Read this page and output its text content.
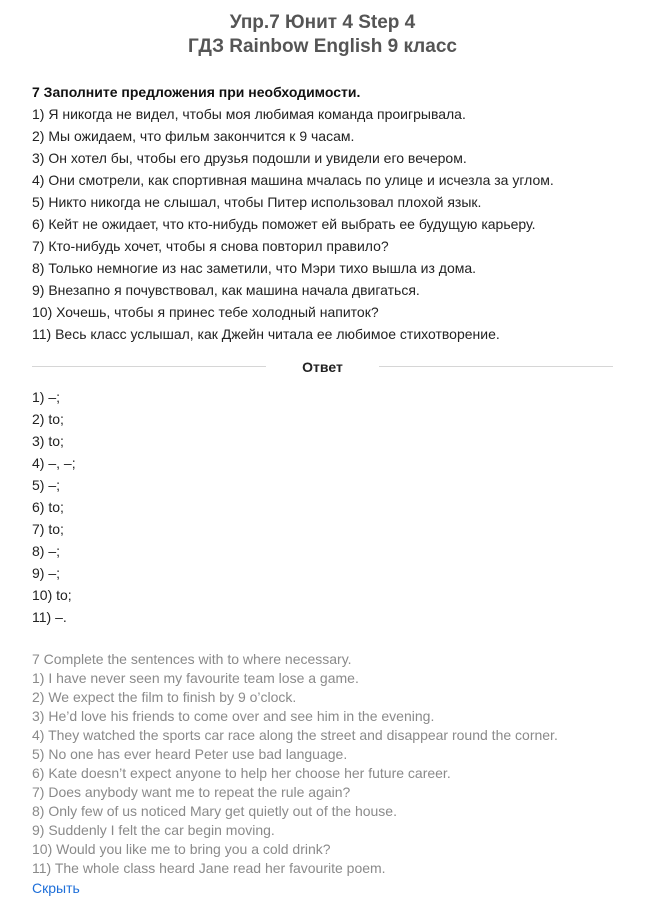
Упр.7 Юнит 4 Step 4
ГДЗ Rainbow English 9 класс
7 Заполните предложения при необходимости.
1) Я никогда не видел, чтобы моя любимая команда проигрывала.
2) Мы ожидаем, что фильм закончится к 9 часам.
3) Он хотел бы, чтобы его друзья подошли и увидели его вечером.
4) Они смотрели, как спортивная машина мчалась по улице и исчезла за углом.
5) Никто никогда не слышал, чтобы Питер использовал плохой язык.
6) Кейт не ожидает, что кто-нибудь поможет ей выбрать ее будущую карьеру.
7) Кто-нибудь хочет, чтобы я снова повторил правило?
8) Только немногие из нас заметили, что Мэри тихо вышла из дома.
9) Внезапно я почувствовал, как машина начала двигаться.
10) Хочешь, чтобы я принес тебе холодный напиток?
11) Весь класс услышал, как Джейн читала ее любимое стихотворение.
Ответ
1) –;
2) to;
3) to;
4) –, –;
5) –;
6) to;
7) to;
8) –;
9) –;
10) to;
11) –.
7 Complete the sentences with to where necessary.
1) I have never seen my favourite team lose a game.
2) We expect the film to finish by 9 o’clock.
3) He’d love his friends to come over and see him in the evening.
4) They watched the sports car race along the street and disappear round the corner.
5) No one has ever heard Peter use bad language.
6) Kate doesn’t expect anyone to help her choose her future career.
7) Does anybody want me to repeat the rule again?
8) Only few of us noticed Mary get quietly out of the house.
9) Suddenly I felt the car begin moving.
10) Would you like me to bring you a cold drink?
11) The whole class heard Jane read her favourite poem.
Скрыть
